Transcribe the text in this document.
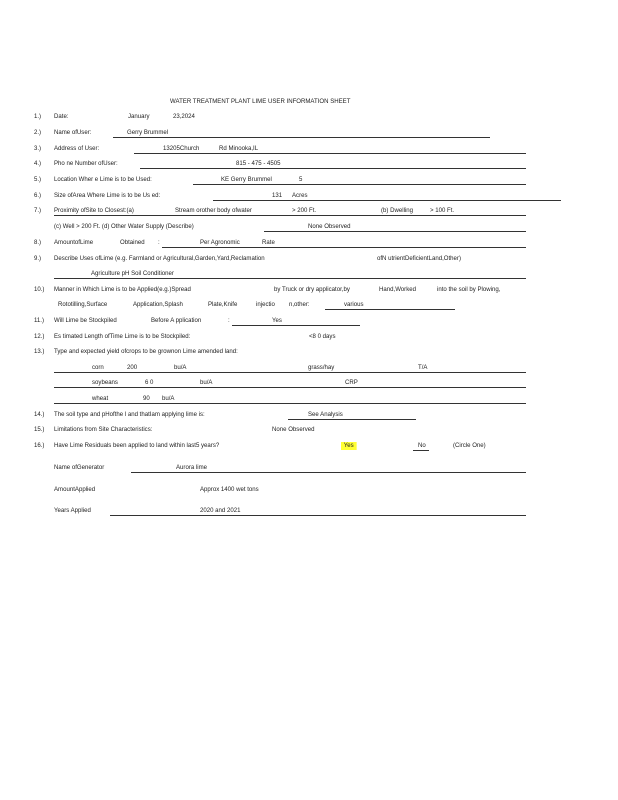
WATER TREATMENT PLANT LIME USER INFORMATION SHEET
1.) Date:	January	23,2024
2.) Name ofUser:	Gerry Brummel
3.) Address of User:	13205Church	Rd Minooka,IL
4.) Pho ne Number ofUser:	815 - 475 - 4505
5.) Location Wher e Lime is to be Used:	KE Gerry Brummel	5
6.) Size ofArea Where Lime is to be Us ed:	131 Acres
7.) Proximity ofSite to Closest:(a)	Stream orother body ofwater	> 200 Ft.	(b) Dwelling	> 100 Ft.
(c) Well > 200 Ft. (d) Other Water Supply (Describe)	None Observed
8.) AmountofLime	Obtained :	Per Agronomic	Rate
9.) Describe Uses ofLime (e.g. Farmland or Agricultural,Garden,Yard,Reclamation	ofN utrientDeficientLand,Other)
Agriculture pH Soil Conditioner
10.) Manner in Which Lime is to be Applied(e.g.)Spread	by Truck or dry applicator,by	Hand,Worked	into the soil by Plowing,
Rototilling,Surface	Application,Splash	Plate,Knife	injectio n,other:	various
11.) Will Lime be Stockpiled	Before A pplication	:	Yes
12.) Es timated Length ofTime Lime is to be Stockpiled:	<8 0 days
13.) Type and expected yield ofcrops to be grownon Lime amended land:
corn	200	bu/A	grass/hay	T/A
soybeans	6 0	bu/A	CRP
wheat	90 bu/A
14.) The soil type and pHofthe l and thatIam applying lime is:	See Analysis
15.) Limitations from Site Characteristics:	None Observed
16.) Have Lime Residuals been applied to land within last5 years?	Yes	No	(Circle One)
Name ofGenerator	Aurora lime
AmountApplied	Approx 1400 wet tons
Years Applied	2020 and 2021
